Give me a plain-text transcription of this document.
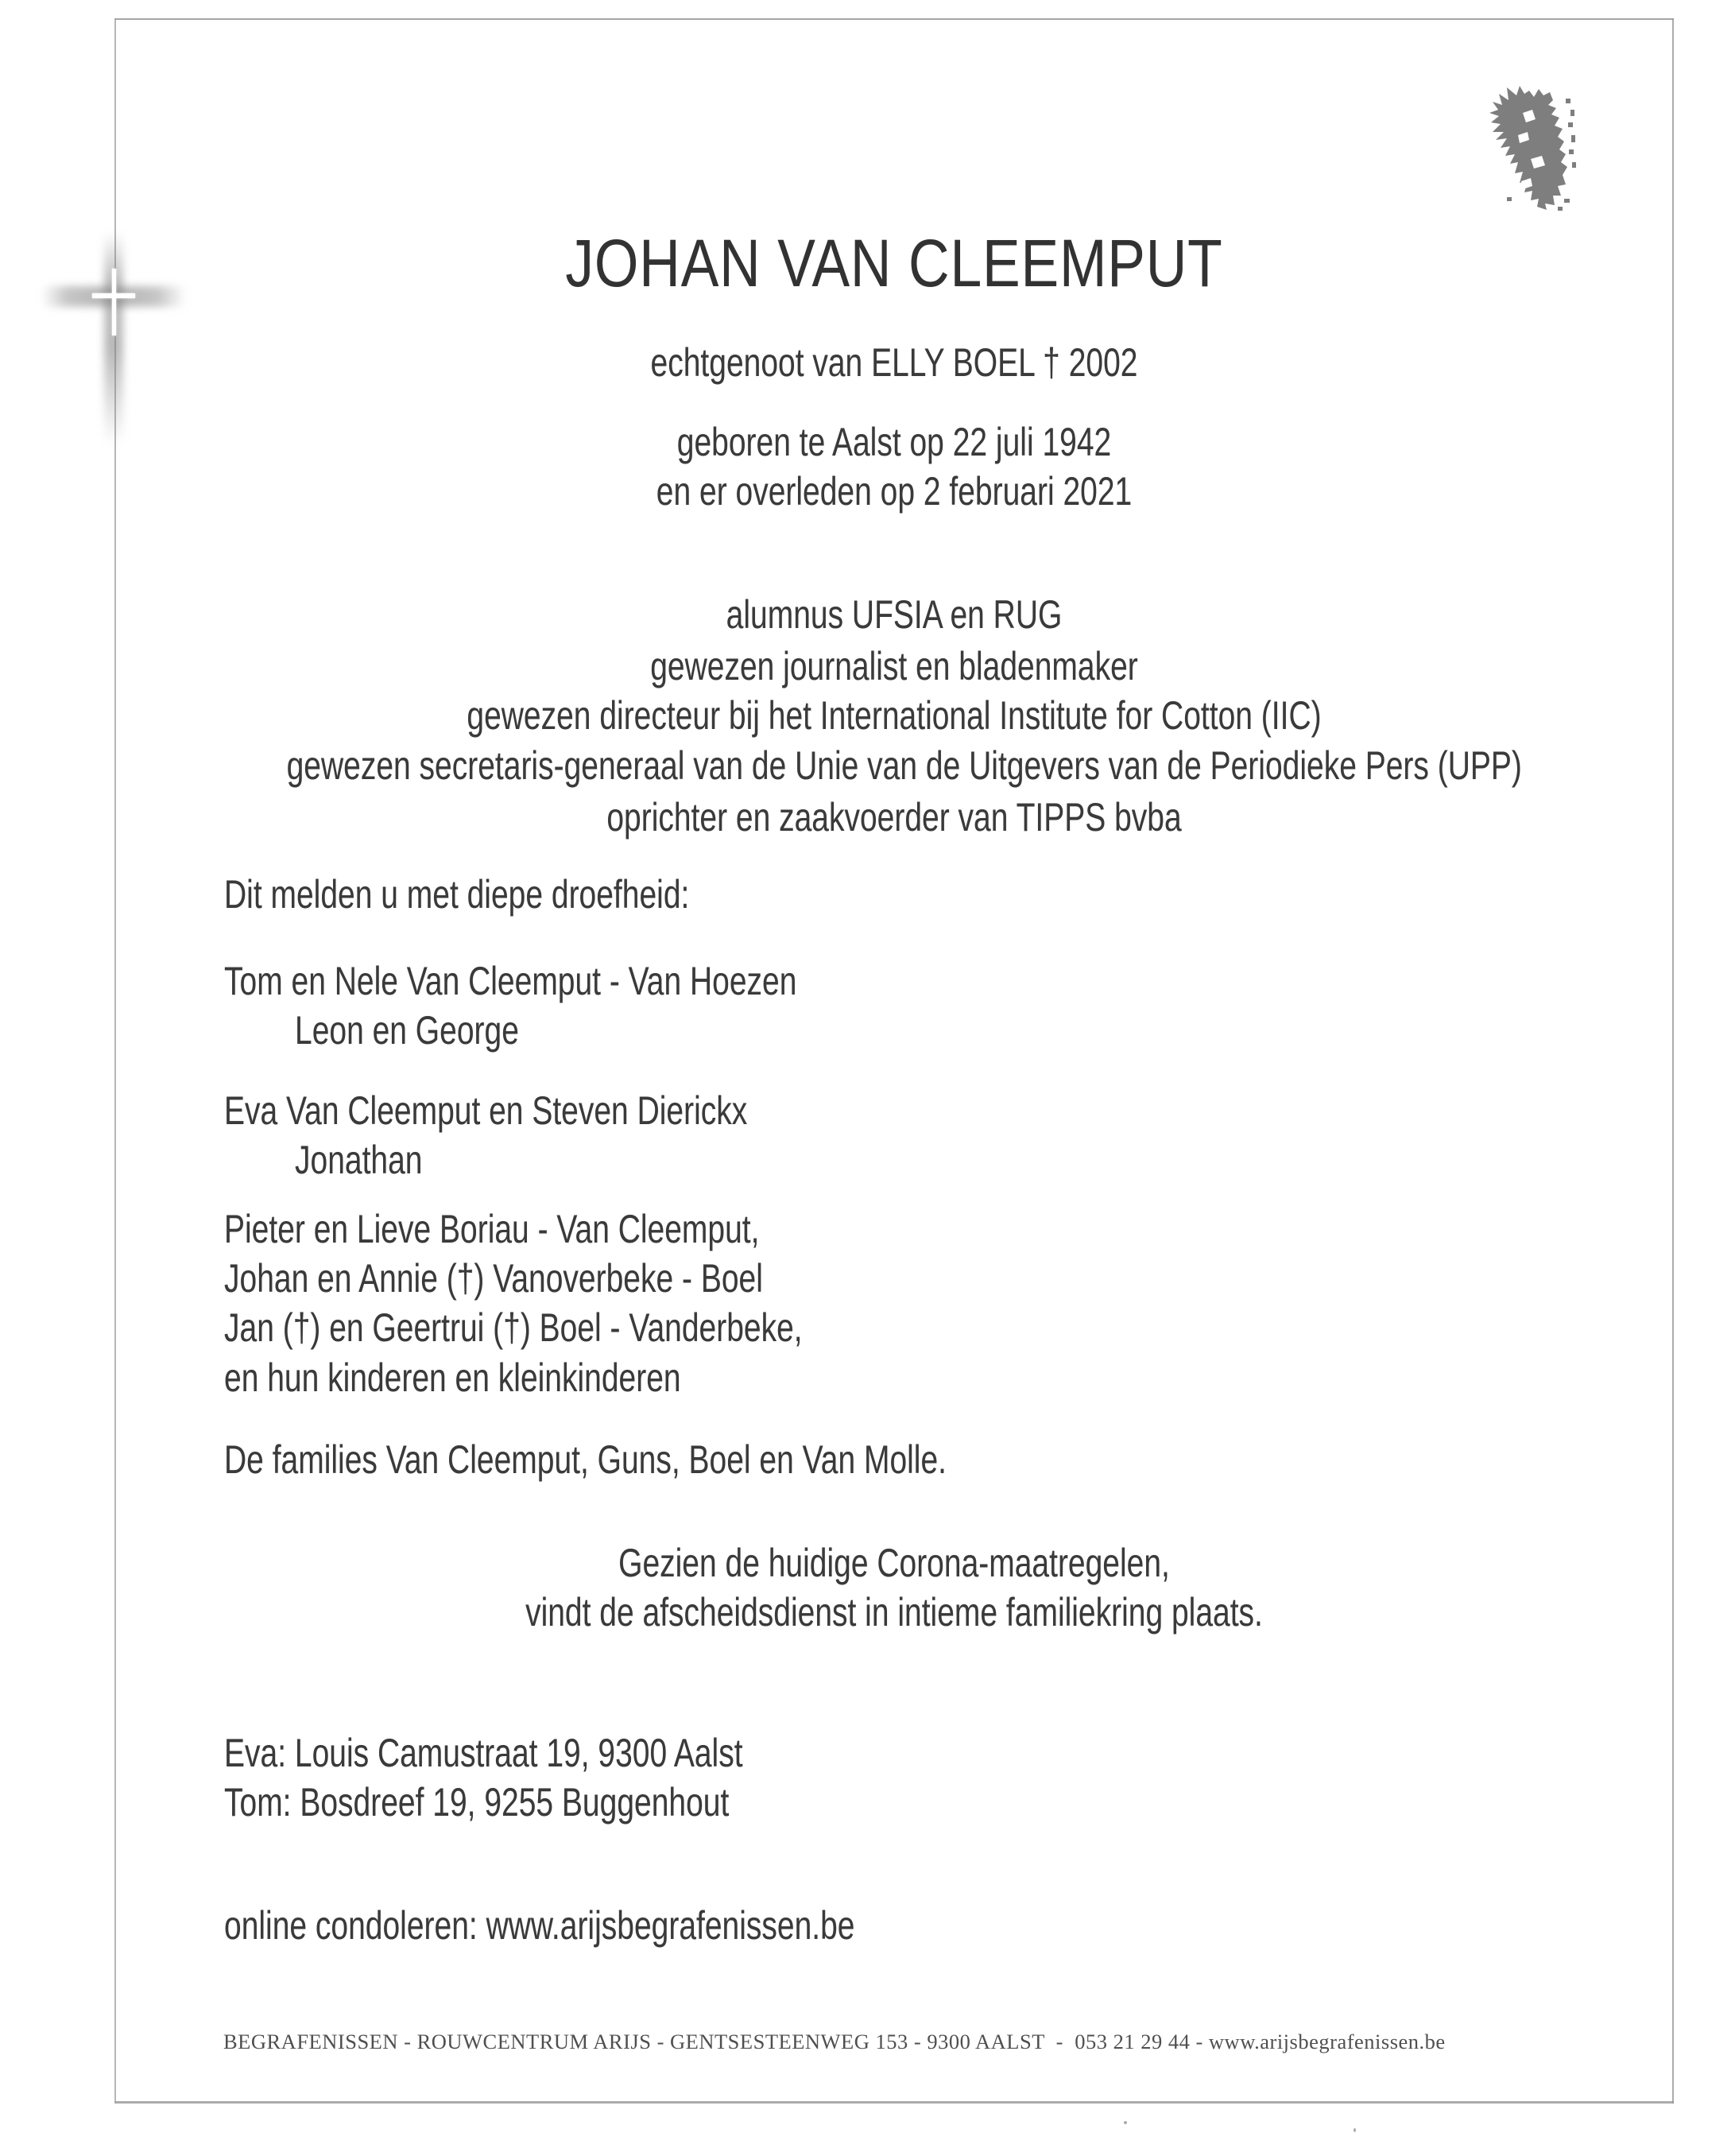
JOHAN VAN CLEEMPUT
echtgenoot van ELLY BOEL † 2002
geboren te Aalst op 22 juli 1942
en er overleden op 2 februari 2021
alumnus UFSIA en RUG
gewezen journalist en bladenmaker
gewezen directeur bij het International Institute for Cotton (IIC)
gewezen secretaris-generaal van de Unie van de Uitgevers van de Periodieke Pers (UPP)
oprichter en zaakvoerder van TIPPS bvba
Dit melden u met diepe droefheid:
Tom en Nele Van Cleemput - Van Hoezen
Leon en George
Eva Van Cleemput en Steven Dierickx
Jonathan
Pieter en Lieve Boriau - Van Cleemput,
Johan en Annie (†) Vanoverbeke - Boel
Jan (†) en Geertrui (†) Boel - Vanderbeke,
en hun kinderen en kleinkinderen
De families Van Cleemput, Guns, Boel en Van Molle.
Gezien de huidige Corona-maatregelen,
vindt de afscheidsdienst in intieme familiekring plaats.
Eva: Louis Camustraat 19, 9300 Aalst
Tom: Bosdreef 19, 9255 Buggenhout
online condoleren: www.arijsbegrafenissen.be
BEGRAFENISSEN - ROUWCENTRUM ARIJS - GENTSESTEENWEG 153 - 9300 AALST  -  053 21 29 44 - www.arijsbegrafenissen.be
